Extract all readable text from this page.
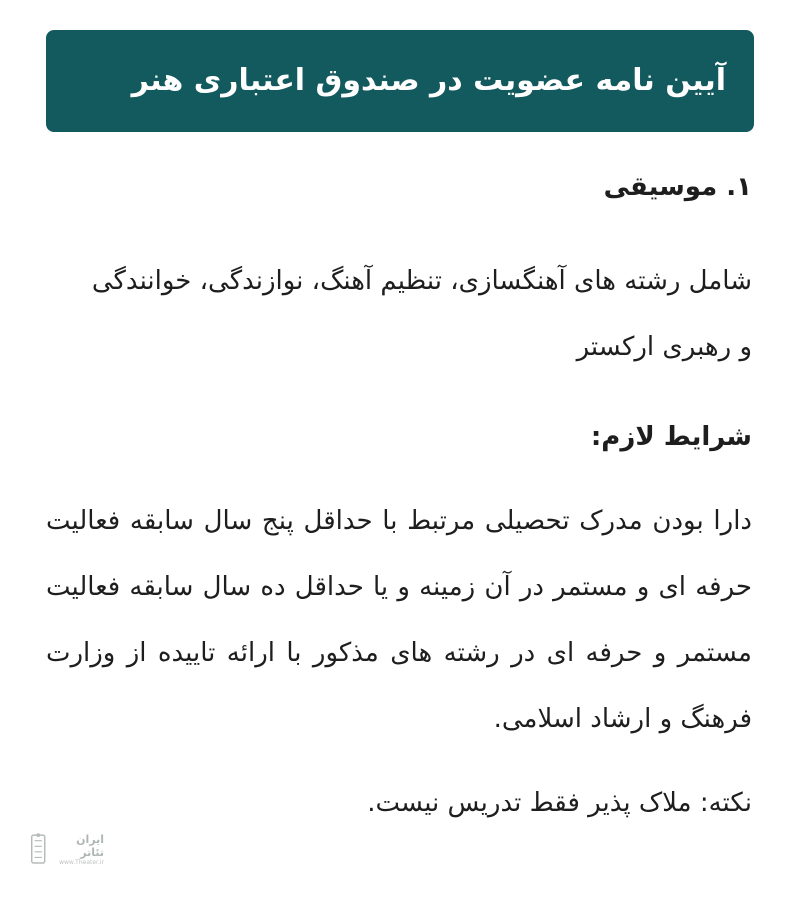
آیین نامه عضویت در صندوق اعتباری هنر
۱. موسیقی

شامل رشته های آهنگسازی، تنظیم آهنگ، نوازندگی، خوانندگی
و رهبری ارکستر

شرایط لازم:

دارا بودن مدرک تحصیلی مرتبط با حداقل پنج سال سابقه فعالیت حرفه ای و مستمر در آن زمینه و یا حداقل ده سال سابقه فعالیت مستمر و حرفه ای در رشته های مذکور با ارائه تاییده از وزارت فرهنگ و ارشاد اسلامی.

نکته: ملاک پذیر فقط تدریس نیست.
ایران تئاتر
www.Theater.ir
